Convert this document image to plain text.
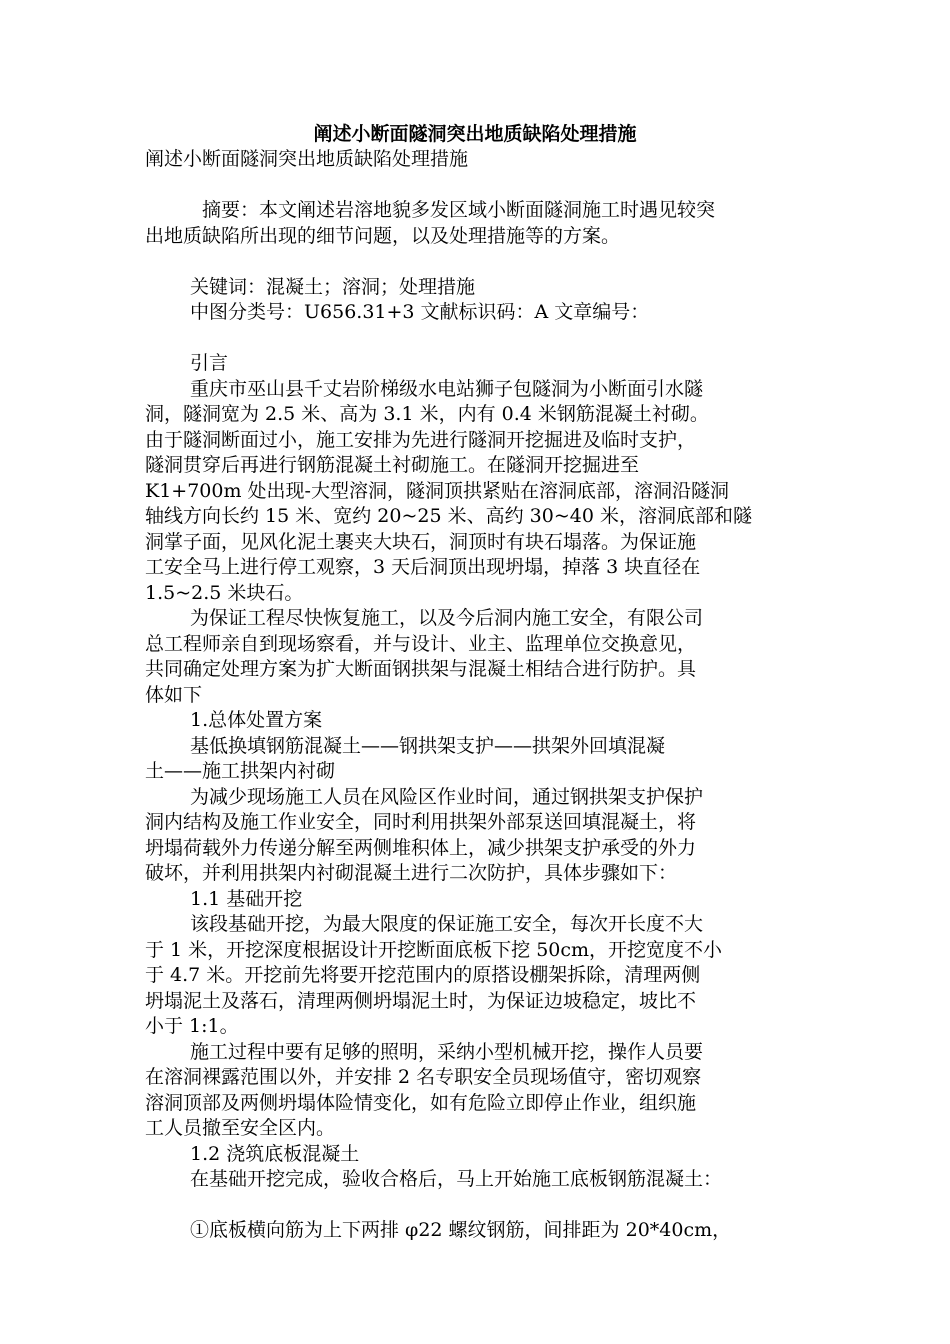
阐述小断面隧洞突出地质缺陷处理措施
阐述小断面隧洞突出地质缺陷处理措施
摘要：本文阐述岩溶地貌多发区域小断面隧洞施工时遇见较突
出地质缺陷所出现的细节问题，以及处理措施等的方案。
关键词：混凝土；溶洞；处理措施
中图分类号：U656.31+3 文献标识码：A 文章编号：
引言
重庆市巫山县千丈岩阶梯级水电站狮子包隧洞为小断面引水隧
洞，隧洞宽为 2.5 米、高为 3.1 米，内有 0.4 米钢筋混凝土衬砌。
由于隧洞断面过小，施工安排为先进行隧洞开挖掘进及临时支护，
隧洞贯穿后再进行钢筋混凝土衬砌施工。在隧洞开挖掘进至
K1+700m 处出现-大型溶洞，隧洞顶拱紧贴在溶洞底部，溶洞沿隧洞
轴线方向长约 15 米、宽约 20~25 米、高约 30~40 米，溶洞底部和隧
洞掌子面，见风化泥土裹夹大块石，洞顶时有块石塌落。为保证施
工安全马上进行停工观察，3 天后洞顶出现坍塌，掉落 3 块直径在
1.5~2.5 米块石。
为保证工程尽快恢复施工，以及今后洞内施工安全，有限公司
总工程师亲自到现场察看，并与设计、业主、监理单位交换意见，
共同确定处理方案为扩大断面钢拱架与混凝土相结合进行防护。具
体如下
1.总体处置方案
基低换填钢筋混凝土——钢拱架支护——拱架外回填混凝
土——施工拱架内衬砌
为减少现场施工人员在风险区作业时间，通过钢拱架支护保护
洞内结构及施工作业安全，同时利用拱架外部泵送回填混凝土，将
坍塌荷载外力传递分解至两侧堆积体上，减少拱架支护承受的外力
破坏，并利用拱架内衬砌混凝土进行二次防护，具体步骤如下：
1.1 基础开挖
该段基础开挖，为最大限度的保证施工安全，每次开长度不大
于 1 米，开挖深度根据设计开挖断面底板下挖 50cm，开挖宽度不小
于 4.7 米。开挖前先将要开挖范围内的原搭设棚架拆除，清理两侧
坍塌泥土及落石，清理两侧坍塌泥土时，为保证边坡稳定，坡比不
小于 1:1。
施工过程中要有足够的照明，采纳小型机械开挖，操作人员要
在溶洞裸露范围以外，并安排 2 名专职安全员现场值守，密切观察
溶洞顶部及两侧坍塌体险情变化，如有危险立即停止作业，组织施
工人员撤至安全区内。
1.2 浇筑底板混凝土
在基础开挖完成，验收合格后，马上开始施工底板钢筋混凝土：
①底板横向筋为上下两排 φ22 螺纹钢筋，间排距为 20*40cm，
